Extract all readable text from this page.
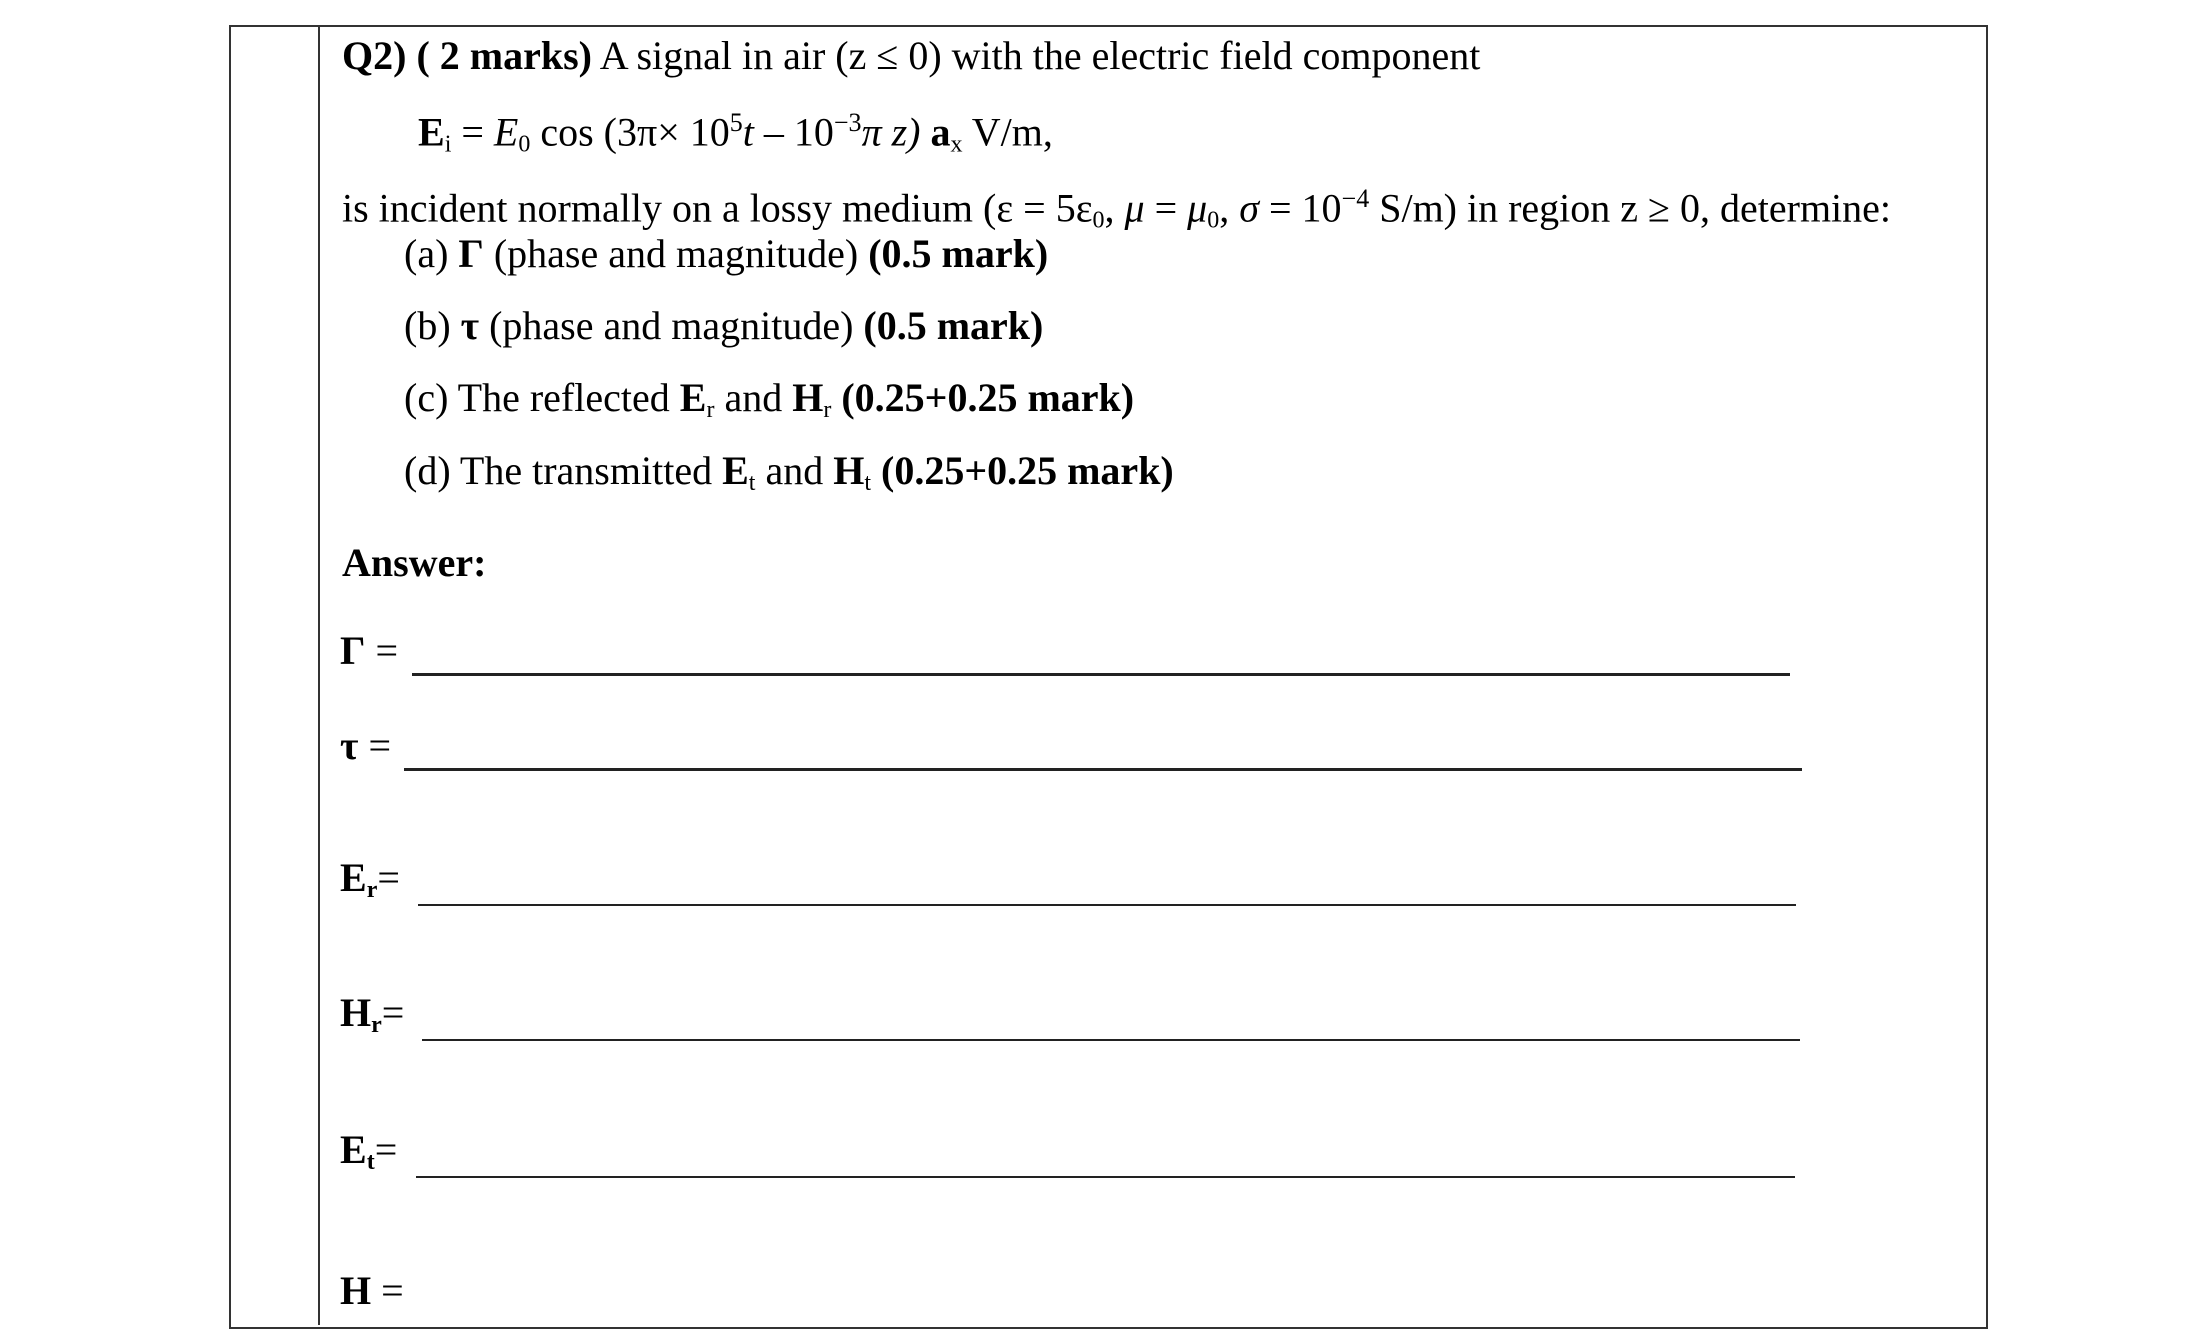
Q2) ( 2 marks) A signal in air (z ≤ 0) with the electric field component
$E_i = E_0$ $\cos (3\pi\times 10^5t - 10^{-3}\pi$ z) $a_x$ V/m,
is incident normally on a lossy medium ($\varepsilon = 5\varepsilon_0$, $\mu = \mu_0$, $\sigma = 10^{-4}$ S/m) in region z ≥ 0, determine:
(a) Γ (phase and magnitude) (0.5 mark)
(b) τ (phase and magnitude) (0.5 mark)
(c) The reflected $E_r$ and $H_r$ (0.25+0.25 mark)
(d) The transmitted $E_t$ and $H_t$ (0.25+0.25 mark)
Answer:
Γ =
τ =
$E_r=$
$H_r=$
$E_t=$
H =
